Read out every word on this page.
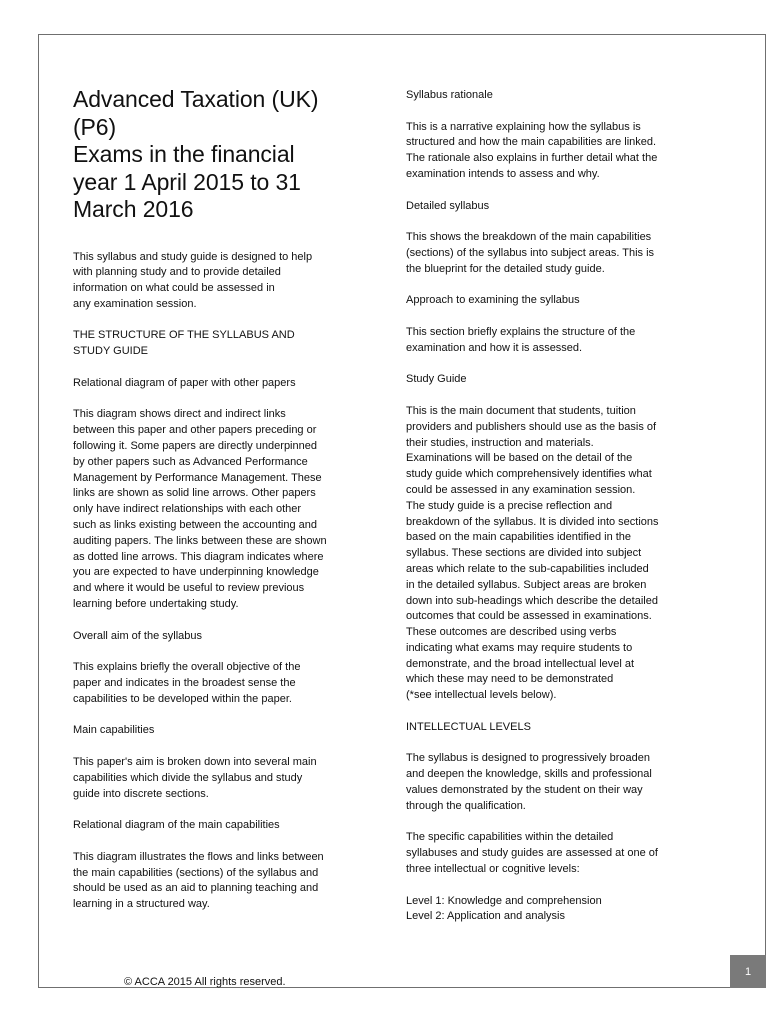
Advanced Taxation (UK)
(P6)
Exams in the financial
year 1 April 2015 to 31
March 2016

This syllabus and study guide is designed to help
with planning study and to provide detailed
information on what could be assessed in
any examination session.

THE STRUCTURE OF THE SYLLABUS AND
STUDY GUIDE

Relational diagram of paper with other papers

This diagram shows direct and indirect links
between this paper and other papers preceding or
following it. Some papers are directly underpinned
by other papers such as Advanced Performance
Management by Performance Management. These
links are shown as solid line arrows. Other papers
only have indirect relationships with each other
such as links existing between the accounting and
auditing papers. The links between these are shown
as dotted line arrows. This diagram indicates where
you are expected to have underpinning knowledge
and where it would be useful to review previous
learning before undertaking study.

Overall aim of the syllabus

This explains briefly the overall objective of the
paper and indicates in the broadest sense the
capabilities to be developed within the paper.

Main capabilities

This paper's aim is broken down into several main
capabilities which divide the syllabus and study
guide into discrete sections.

Relational diagram of the main capabilities

This diagram illustrates the flows and links between
the main capabilities (sections) of the syllabus and
should be used as an aid to planning teaching and
learning in a structured way.

Syllabus rationale

This is a narrative explaining how the syllabus is
structured and how the main capabilities are linked.
The rationale also explains in further detail what the
examination intends to assess and why.

Detailed syllabus

This shows the breakdown of the main capabilities
(sections) of the syllabus into subject areas. This is
the blueprint for the detailed study guide.

Approach to examining the syllabus

This section briefly explains the structure of the
examination and how it is assessed.

Study Guide

This is the main document that students, tuition
providers and publishers should use as the basis of
their studies, instruction and materials.
Examinations will be based on the detail of the
study guide which comprehensively identifies what
could be assessed in any examination session.
The study guide is a precise reflection and
breakdown of the syllabus. It is divided into sections
based on the main capabilities identified in the
syllabus. These sections are divided into subject
areas which relate to the sub-capabilities included
in the detailed syllabus. Subject areas are broken
down into sub-headings which describe the detailed
outcomes that could be assessed in examinations.
These outcomes are described using verbs
indicating what exams may require students to
demonstrate, and the broad intellectual level at
which these may need to be demonstrated
(*see intellectual levels below).

INTELLECTUAL LEVELS

The syllabus is designed to progressively broaden
and deepen the knowledge, skills and professional
values demonstrated by the student on their way
through the qualification.

The specific capabilities within the detailed
syllabuses and study guides are assessed at one of
three intellectual or cognitive levels:

Level 1: Knowledge and comprehension
Level 2: Application and analysis

© ACCA 2015 All rights reserved.
1
